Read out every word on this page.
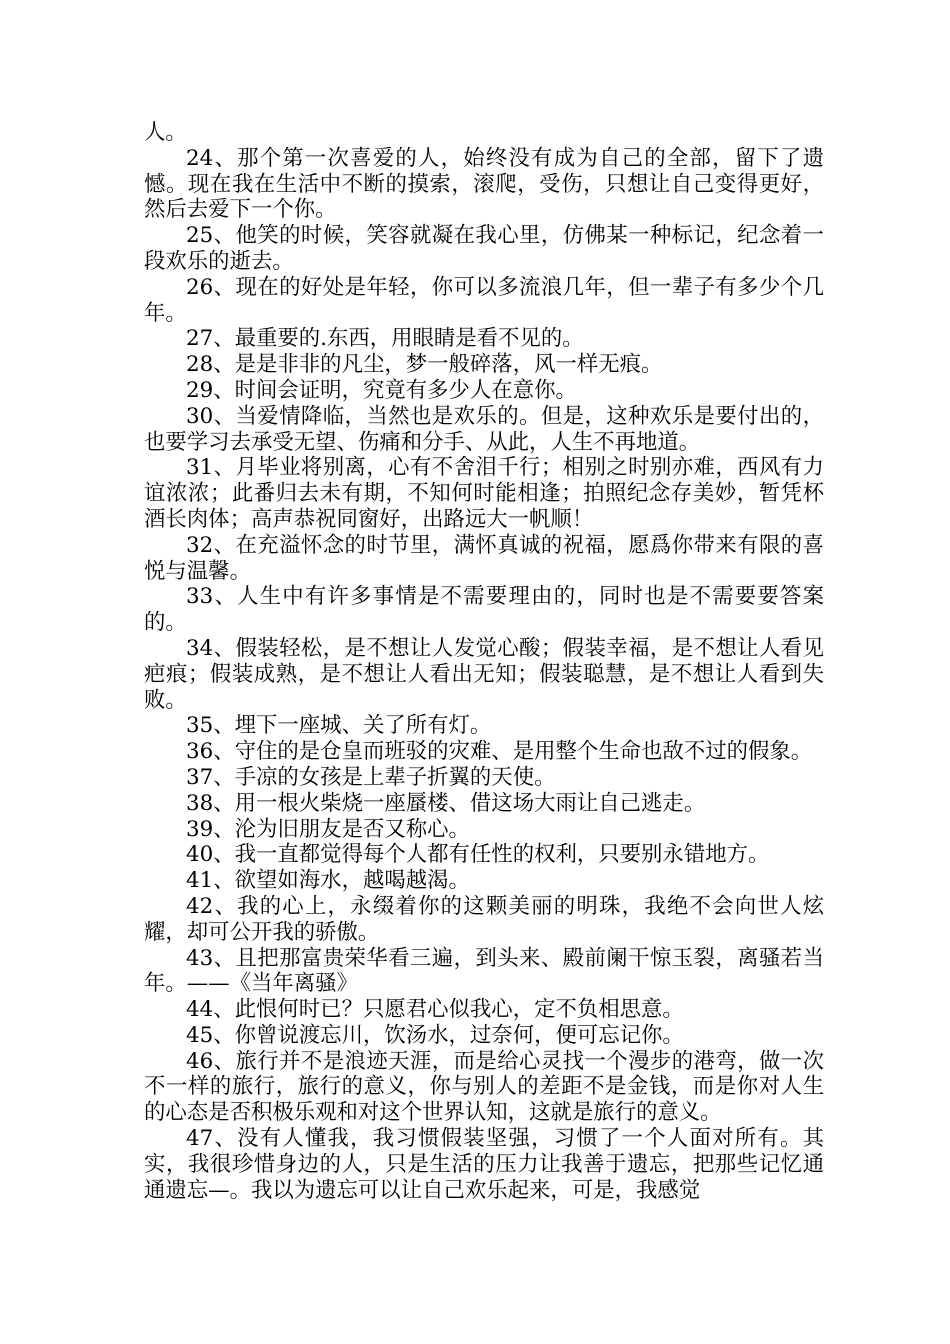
人。

24、那个第一次喜爱的人，始终没有成为自己的全部，留下了遗憾。现在我在生活中不断的摸索，滚爬，受伤，只想让自己变得更好，然后去爱下一个你。

25、他笑的时候，笑容就凝在我心里，仿佛某一种标记，纪念着一段欢乐的逝去。

26、现在的好处是年轻，你可以多流浪几年，但一辈子有多少个几年。

27、最重要的.东西，用眼睛是看不见的。

28、是是非非的凡尘，梦一般碎落，风一样无痕。

29、时间会证明，究竟有多少人在意你。

30、当爱情降临，当然也是欢乐的。但是，这种欢乐是要付出的，也要学习去承受无望、伤痛和分手、从此，人生不再地道。

31、月毕业将别离，心有不舍泪千行；相别之时别亦难，西风有力谊浓浓；此番归去未有期，不知何时能相逢；拍照纪念存美妙，暂凭杯酒长肉体；高声恭祝同窗好，出路远大一帆顺！

32、在充溢怀念的时节里，满怀真诚的祝福，愿爲你带来有限的喜悦与温馨。

33、人生中有许多事情是不需要理由的，同时也是不需要要答案的。

34、假装轻松，是不想让人发觉心酸；假装幸福，是不想让人看见疤痕；假装成熟，是不想让人看出无知；假装聪慧，是不想让人看到失败。

35、埋下一座城、关了所有灯。

36、守住的是仓皇而班驳的灾难、是用整个生命也敌不过的假象。

37、手凉的女孩是上辈子折翼的天使。

38、用一根火柴烧一座蜃楼、借这场大雨让自己逃走。

39、沦为旧朋友是否又称心。

40、我一直都觉得每个人都有任性的权利，只要别永错地方。

41、欲望如海水，越喝越渴。

42、我的心上，永缀着你的这颗美丽的明珠，我绝不会向世人炫耀，却可公开我的骄傲。

43、且把那富贵荣华看三遍，到头来、殿前阑干惊玉裂，离骚若当年。——《当年离骚》

44、此恨何时已？只愿君心似我心，定不负相思意。

45、你曾说渡忘川，饮汤水，过奈何，便可忘记你。

46、旅行并不是浪迹天涯，而是给心灵找一个漫步的港弯，做一次不一样的旅行，旅行的意义，你与别人的差距不是金钱，而是你对人生的心态是否积极乐观和对这个世界认知，这就是旅行的意义。

47、没有人懂我，我习惯假装坚强，习惯了一个人面对所有。其实，我很珍惜身边的人，只是生活的压力让我善于遗忘，把那些记忆通通遗忘—。我以为遗忘可以让自己欢乐起来，可是，我感觉
